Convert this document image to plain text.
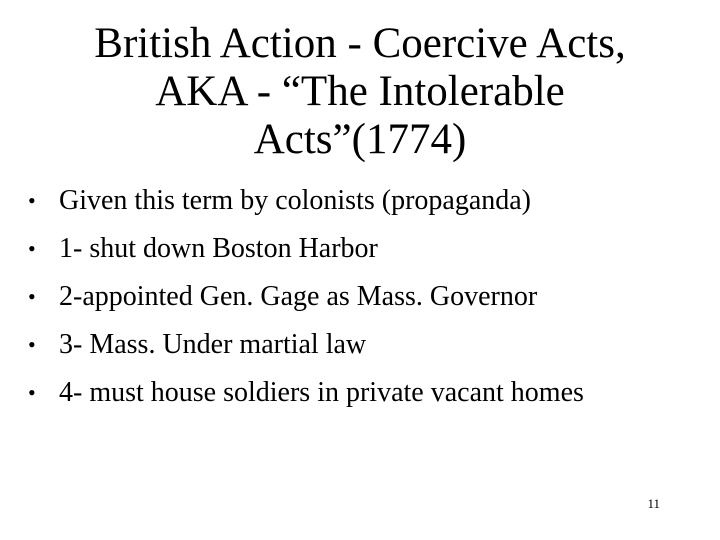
British Action - Coercive Acts,
AKA - “The Intolerable
Acts”(1774)
• Given this term by colonists (propaganda)
• 1- shut down Boston Harbor
• 2-appointed Gen. Gage as Mass. Governor
• 3- Mass. Under martial law
• 4- must house soldiers in private vacant homes
11
